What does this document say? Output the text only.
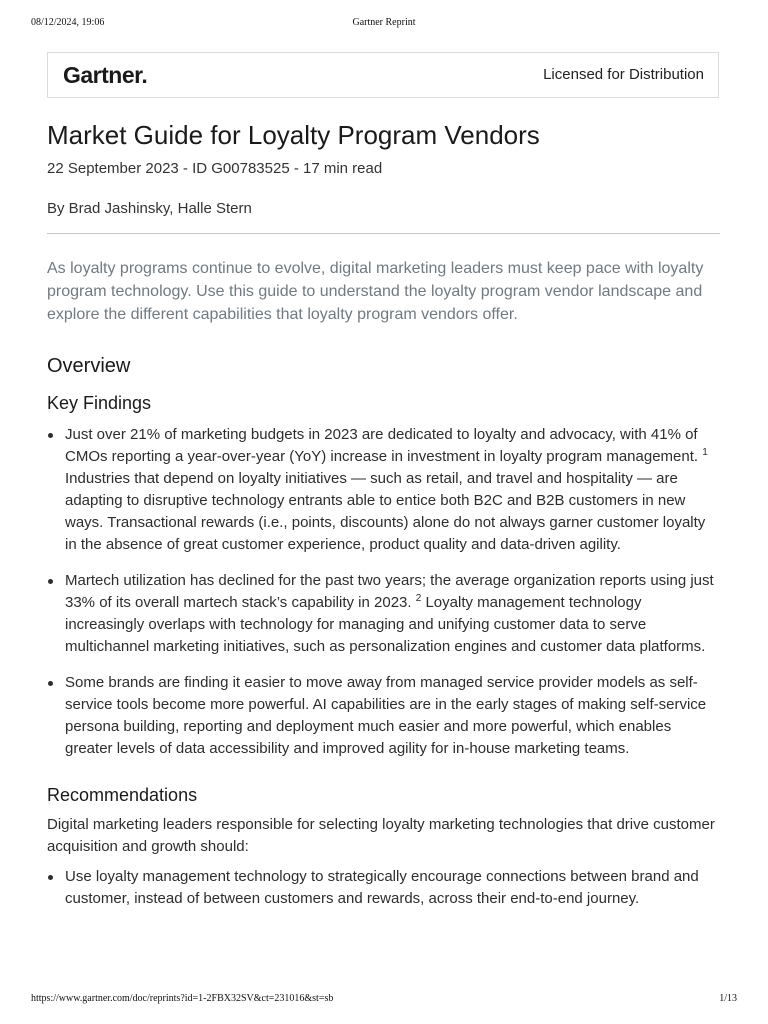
08/12/2024, 19:06	Gartner Reprint
Gartner.	Licensed for Distribution
Market Guide for Loyalty Program Vendors

22 September 2023 - ID G00783525 - 17 min read

By Brad Jashinsky, Halle Stern

As loyalty programs continue to evolve, digital marketing leaders must keep pace with loyalty program technology. Use this guide to understand the loyalty program vendor landscape and explore the different capabilities that loyalty program vendors offer.

Overview
Key Findings
Just over 21% of marketing budgets in 2023 are dedicated to loyalty and advocacy, with 41% of CMOs reporting a year-over-year (YoY) increase in investment in loyalty program management. $^1$ Industries that depend on loyalty initiatives — such as retail, and travel and hospitality — are adapting to disruptive technology entrants able to entice both B2C and B2B customers in new ways. Transactional rewards (i.e., points, discounts) alone do not always garner customer loyalty in the absence of great customer experience, product quality and data-driven agility.
Martech utilization has declined for the past two years; the average organization reports using just 33% of its overall martech stack’s capability in 2023. $^2$ Loyalty management technology increasingly overlaps with technology for managing and unifying customer data to serve multichannel marketing initiatives, such as personalization engines and customer data platforms.
Some brands are finding it easier to move away from managed service provider models as self-service tools become more powerful. AI capabilities are in the early stages of making self-service persona building, reporting and deployment much easier and more powerful, which enables greater levels of data accessibility and improved agility for in-house marketing teams.
Recommendations

Digital marketing leaders responsible for selecting loyalty marketing technologies that drive customer acquisition and growth should:

Use loyalty management technology to strategically encourage connections between brand and customer, instead of between customers and rewards, across their end-to-end journey.
https://www.gartner.com/doc/reprints?id=1-2FBX32SV&ct=231016&st=sb	1/13
